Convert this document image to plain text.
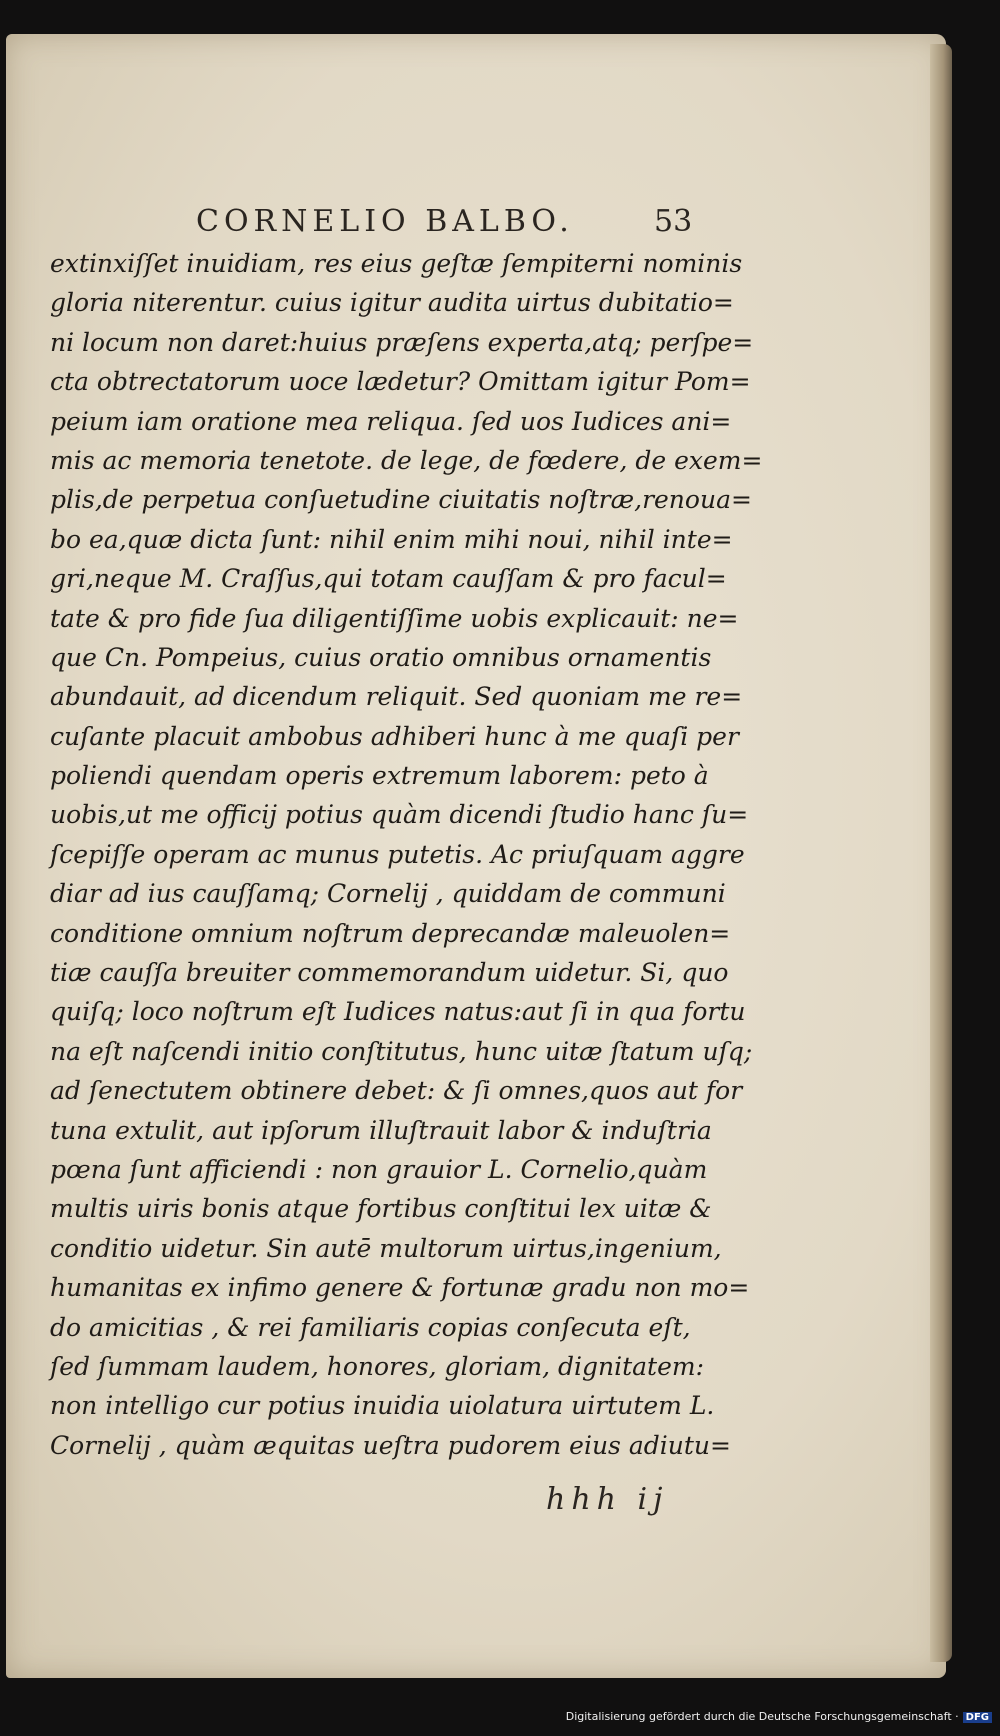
CORNELIO BALBO.	53
extinxiſſet inuidiam, res eius geſtæ ſempiterni nominis
gloria niterentur. cuius igitur audita uirtus dubitatio=
ni locum non daret:huius præſens experta,atq; perſpe=
cta obtrectatorum uoce lædetur? Omittam igitur Pom=
peium iam oratione mea reliqua. ſed uos Iudices ani=
mis ac memoria tenetote. de lege, de fœdere, de exem=
plis,de perpetua conſuetudine ciuitatis noſtræ,renoua=
bo ea,quæ dicta ſunt: nihil enim mihi noui, nihil inte=
gri,neque M. Craſſus,qui totam cauſſam & pro facul=
tate & pro fide ſua diligentiſſime uobis explicauit: ne=
que Cn. Pompeius, cuius oratio omnibus ornamentis
abundauit, ad dicendum reliquit. Sed quoniam me re=
cuſante placuit ambobus adhiberi hunc à me quaſi per
poliendi quendam operis extremum laborem: peto à
uobis,ut me officij potius quàm dicendi ſtudio hanc ſu=
ſcepiſſe operam ac munus putetis. Ac priuſquam aggre
diar ad ius cauſſamq; Cornelij , quiddam de communi
conditione omnium noſtrum deprecandæ maleuolen=
tiæ cauſſa breuiter commemorandum uidetur. Si, quo
quiſq; loco noſtrum eſt Iudices natus:aut ſi in qua fortu
na eſt naſcendi initio conſtitutus, hunc uitæ ſtatum uſq;
ad ſenectutem obtinere debet: & ſi omnes,quos aut for
tuna extulit, aut ipſorum illuſtrauit labor & induſtria
pœna ſunt afficiendi : non grauior L. Cornelio,quàm
multis uiris bonis atque fortibus conſtitui lex uitæ &
conditio uidetur. Sin autē multorum uirtus,ingenium,
humanitas ex infimo genere & fortunæ gradu non mo=
do amicitias , & rei familiaris copias conſecuta eſt,
ſed ſummam laudem, honores, gloriam, dignitatem:
non intelligo cur potius inuidia uiolatura uirtutem L.
Cornelij , quàm æquitas ueſtra pudorem eius adiutu=
hhh ij
Digitalisierung gefördert durch die Deutsche Forschungsgemeinschaft · DFG
